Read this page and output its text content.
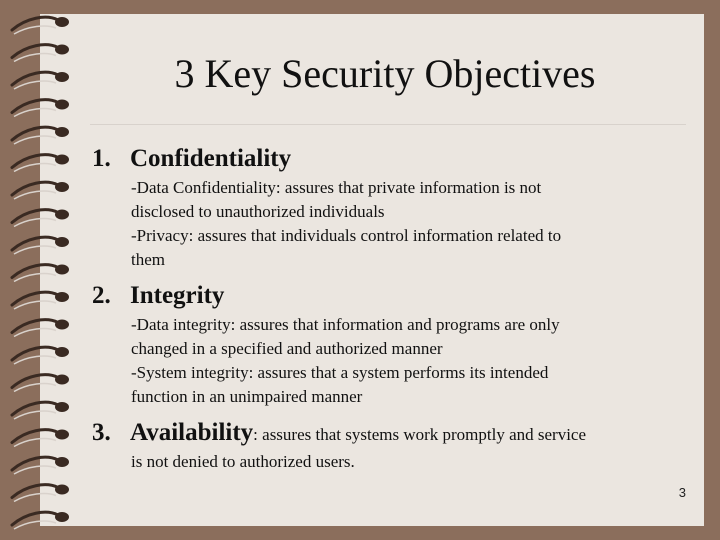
3 Key Security Objectives
1. Confidentiality
-Data Confidentiality: assures that private information is not
disclosed to unauthorized individuals
-Privacy: assures that individuals control information related to
them
2. Integrity
-Data integrity: assures that information and programs are only
changed in a specified and authorized manner
-System integrity: assures that a system performs its intended
function in an unimpaired manner
3. Availability: assures that systems work promptly and service
is not denied to authorized users.
3
